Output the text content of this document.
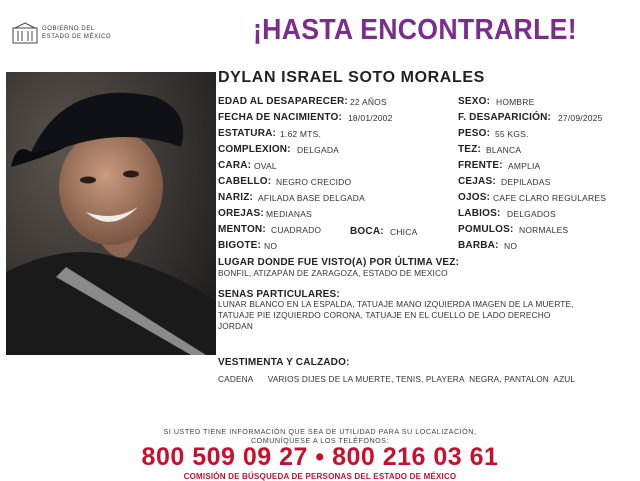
GOBIERNO DEL
ESTADO DE MÉXICO	¡HASTA ENCONTRARLE!
DYLAN ISRAEL SOTO MORALES
EDAD AL DESAPARECER: 22 AÑOS
FECHA DE NACIMIENTO: 18/01/2002
ESTATURA: 1.62 MTS.
COMPLEXION: DELGADA
CARA: OVAL
CABELLO: NEGRO CRECIDO
NARIZ: AFILADA BASE DELGADA
OREJAS: MEDIANAS
MENTON: CUADRADO	BOCA: CHICA
BIGOTE: NO
SEXO: HOMBRE
F. DESAPARICIÓN: 27/09/2025
PESO: 55 KGS.
TEZ: BLANCA
FRENTE: AMPLIA
CEJAS: DEPILADAS
OJOS: CAFE CLARO REGULARES
LABIOS: DELGADOS
POMULOS: NORMALES
BARBA: NO
LUGAR DONDE FUE VISTO(A) POR ÚLTIMA VEZ:
BONFIL, ATIZAPÁN DE ZARAGOZA, ESTADO DE MEXICO
SENAS PARTICULARES:
LUNAR BLANCO EN LA ESPALDA, TATUAJE MANO IZQUIERDA IMAGEN DE LA MUERTE,
TATUAJE PIE IZQUIERDO CORONA, TATUAJE EN EL CUELLO DE LADO DERECHO
JORDAN
VESTIMENTA Y CALZADO:
CADENA      VARIOS DIJES DE LA MUERTE, TENIS, PLAYERA  NEGRA, PANTALON  AZUL
SI USTED TIENE INFORMACIÓN QUE SEA DE UTILIDAD PARA SU LOCALIZACIÓN,
COMUNÍQUESE A LOS TELÉFONOS:
800 509 09 27 • 800 216 03 61
COMISIÓN DE BÚSQUEDA DE PERSONAS DEL ESTADO DE MÉXICO
